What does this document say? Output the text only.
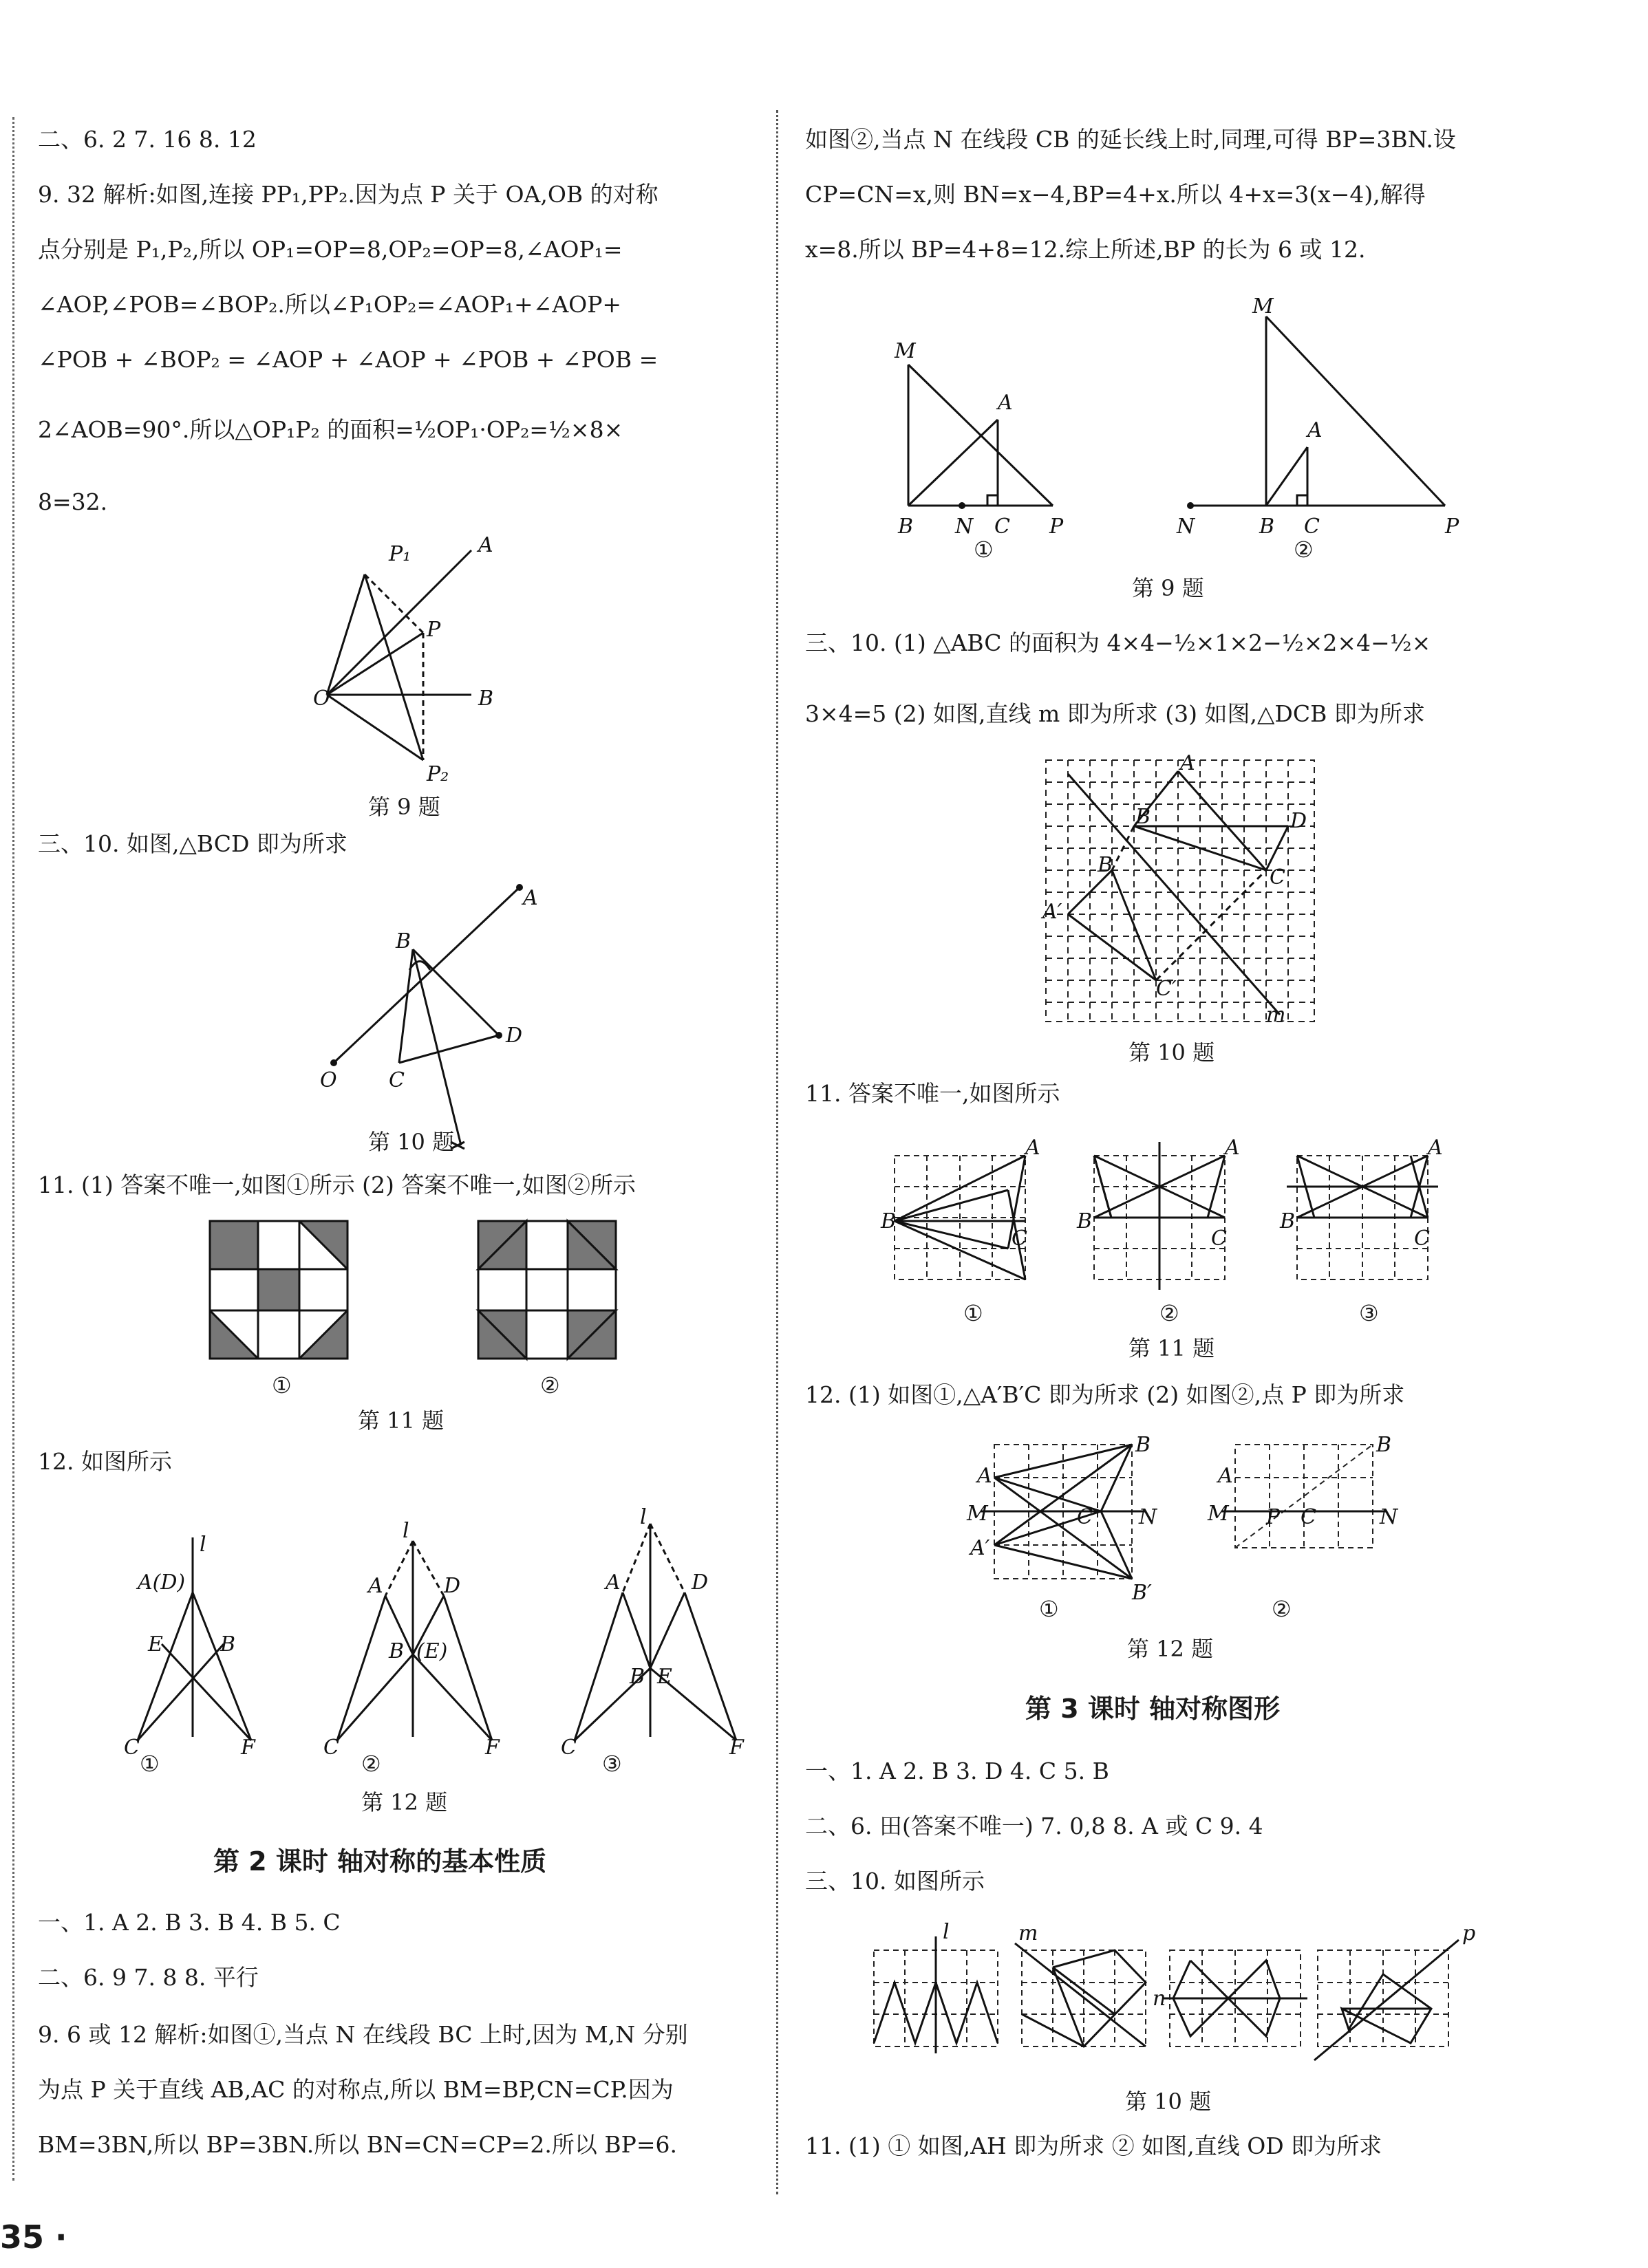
二、6. 2 7. 16 8. 12
9. 32 解析:如图,连接 PP₁,PP₂.因为点 P 关于 OA,OB 的对称
点分别是 P₁,P₂,所以 OP₁=OP=8,OP₂=OP=8,∠AOP₁=
∠AOP,∠POB=∠BOP₂.所以∠P₁OP₂=∠AOP₁+∠AOP+
∠POB + ∠BOP₂ = ∠AOP + ∠AOP + ∠POB + ∠POB =
2∠AOB=90°.所以△OP₁P₂ 的面积=½OP₁·OP₂=½×8×
8=32.
O
A
B
P₁
P
P₂
第 9 题
三、10. 如图,△BCD 即为所求
A
B
C
D
O
第 10 题
11. (1) 答案不唯一,如图①所示 (2) 答案不唯一,如图②所示
①	②
第 11 题
12. 如图所示
l
A(D)
E	B
C	F
l
A	D
B (E)
C	F
l
A	D
B E
C	F
①	②	③
第 12 题
第 2 课时 轴对称的基本性质
一、1. A 2. B 3. B 4. B 5. C
二、6. 9 7. 8 8. 平行
9. 6 或 12 解析:如图①,当点 N 在线段 BC 上时,因为 M,N 分别
为点 P 关于直线 AB,AC 的对称点,所以 BM=BP,CN=CP.因为
BM=3BN,所以 BP=3BN.所以 BN=CN=CP=2.所以 BP=6.
如图②,当点 N 在线段 CB 的延长线上时,同理,可得 BP=3BN.设
CP=CN=x,则 BN=x−4,BP=4+x.所以 4+x=3(x−4),解得
x=8.所以 BP=4+8=12.综上所述,BP 的长为 6 或 12.
M
A
B N C P
M
A
N	B C	P
①	②
第 9 题
三、10. (1) △ABC 的面积为 4×4−½×1×2−½×2×4−½×
3×4=5 (2) 如图,直线 m 即为所求 (3) 如图,△DCB 即为所求
A
B	D
B
C
A′
C′
m
第 10 题
11. 答案不唯一,如图所示
B
A
C
B
A
C
B
A
C
①	②	③
第 11 题
12. (1) 如图①,△A′B′C 即为所求 (2) 如图②,点 P 即为所求
A
B
M	C N
A′
B′
A
B
M P C	N
①	②
第 12 题
第 3 课时 轴对称图形
一、1. A 2. B 3. D 4. C 5. B
二、6. 田(答案不唯一) 7. 0,8 8. A 或 C 9. 4
三、10. 如图所示
l	m
n
p
第 10 题
11. (1) ① 如图,AH 即为所求 ② 如图,直线 OD 即为所求
35 ·
